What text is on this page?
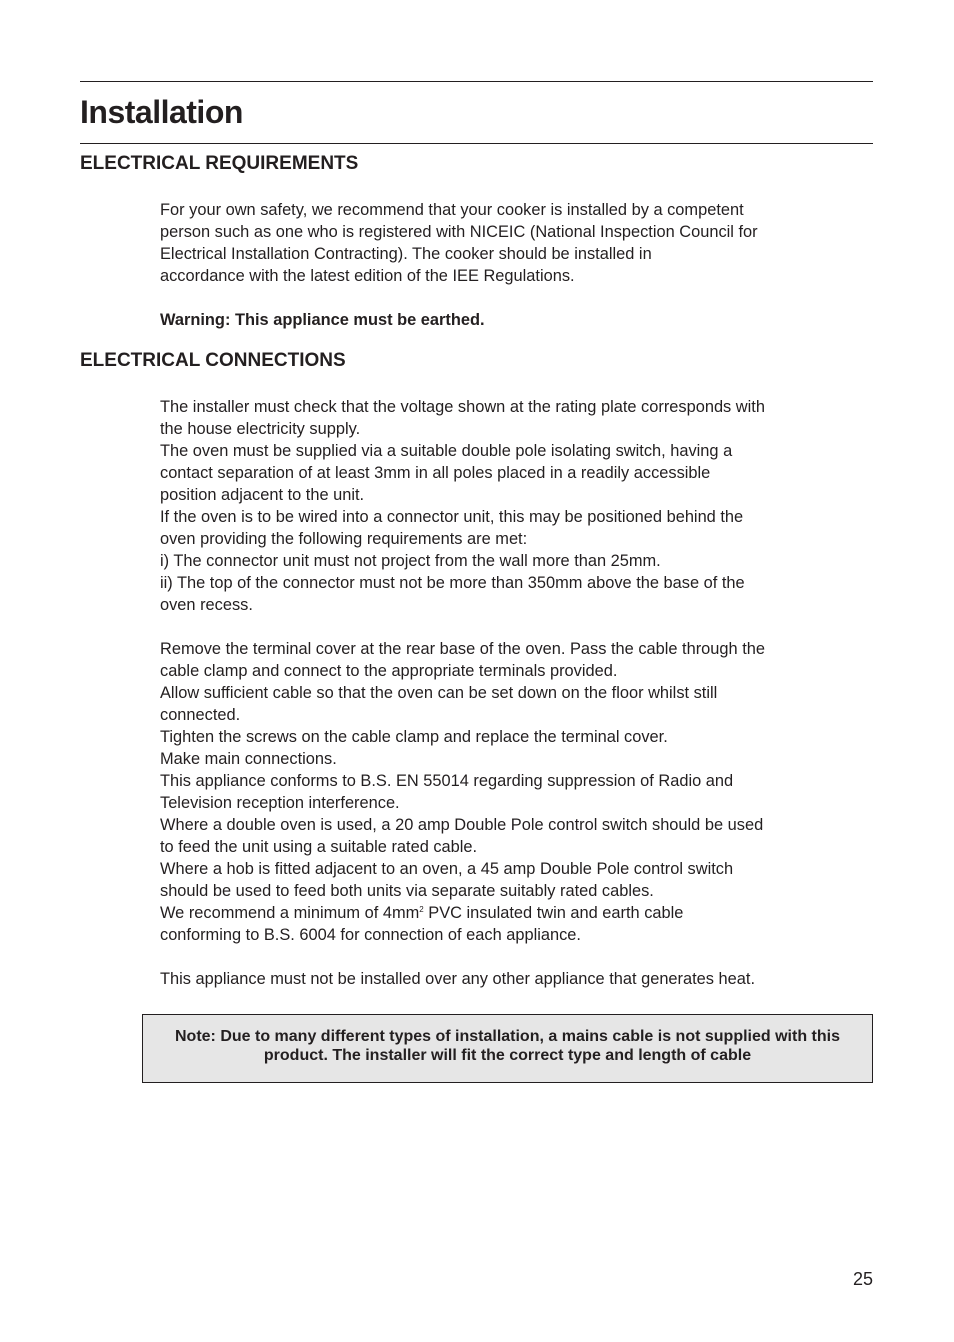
Installation
ELECTRICAL REQUIREMENTS

For your own safety, we recommend that your cooker is installed by a competent

person such as one who is registered with NICEIC (National Inspection Council for

Electrical Installation Contracting). The cooker should be installed in

accordance with the latest edition of the IEE Regulations.

Warning: This appliance must be earthed.

ELECTRICAL CONNECTIONS

The installer must check that the voltage shown at the rating plate corresponds with

the house electricity supply.

The oven must be supplied via a suitable double pole isolating switch, having a

contact separation of at least 3mm in all poles placed in a readily accessible

position adjacent to the unit.

If the oven is to be wired into a connector unit, this may be positioned behind the

oven providing the following requirements are met:

i) The connector unit must not project from the wall more than 25mm.

ii) The top of the connector must not be more than 350mm above the base of the

oven recess.

Remove the terminal cover at the rear base of the oven. Pass the cable through the

cable clamp and connect to the appropriate terminals provided.

Allow sufficient cable so that the oven can be set down on the floor whilst still

connected.

Tighten the screws on the cable clamp and replace the terminal cover.

Make main connections.

This appliance conforms to B.S. EN 55014 regarding suppression of Radio and

Television reception interference.

Where a double oven is used, a 20 amp Double Pole control switch should be used

to feed the unit using a suitable rated cable.

Where a hob is fitted adjacent to an oven, a 45 amp Double Pole control switch

should be used to feed both units via separate suitably rated cables.

We recommend a minimum of $4mm^2$ PVC insulated twin and earth cable

conforming to B.S. 6004 for connection of each appliance.

This appliance must not be installed over any other appliance that generates heat.

Note: Due to many different types of installation, a mains cable is not supplied with this

product. The installer will fit the correct type and length of cable

25
